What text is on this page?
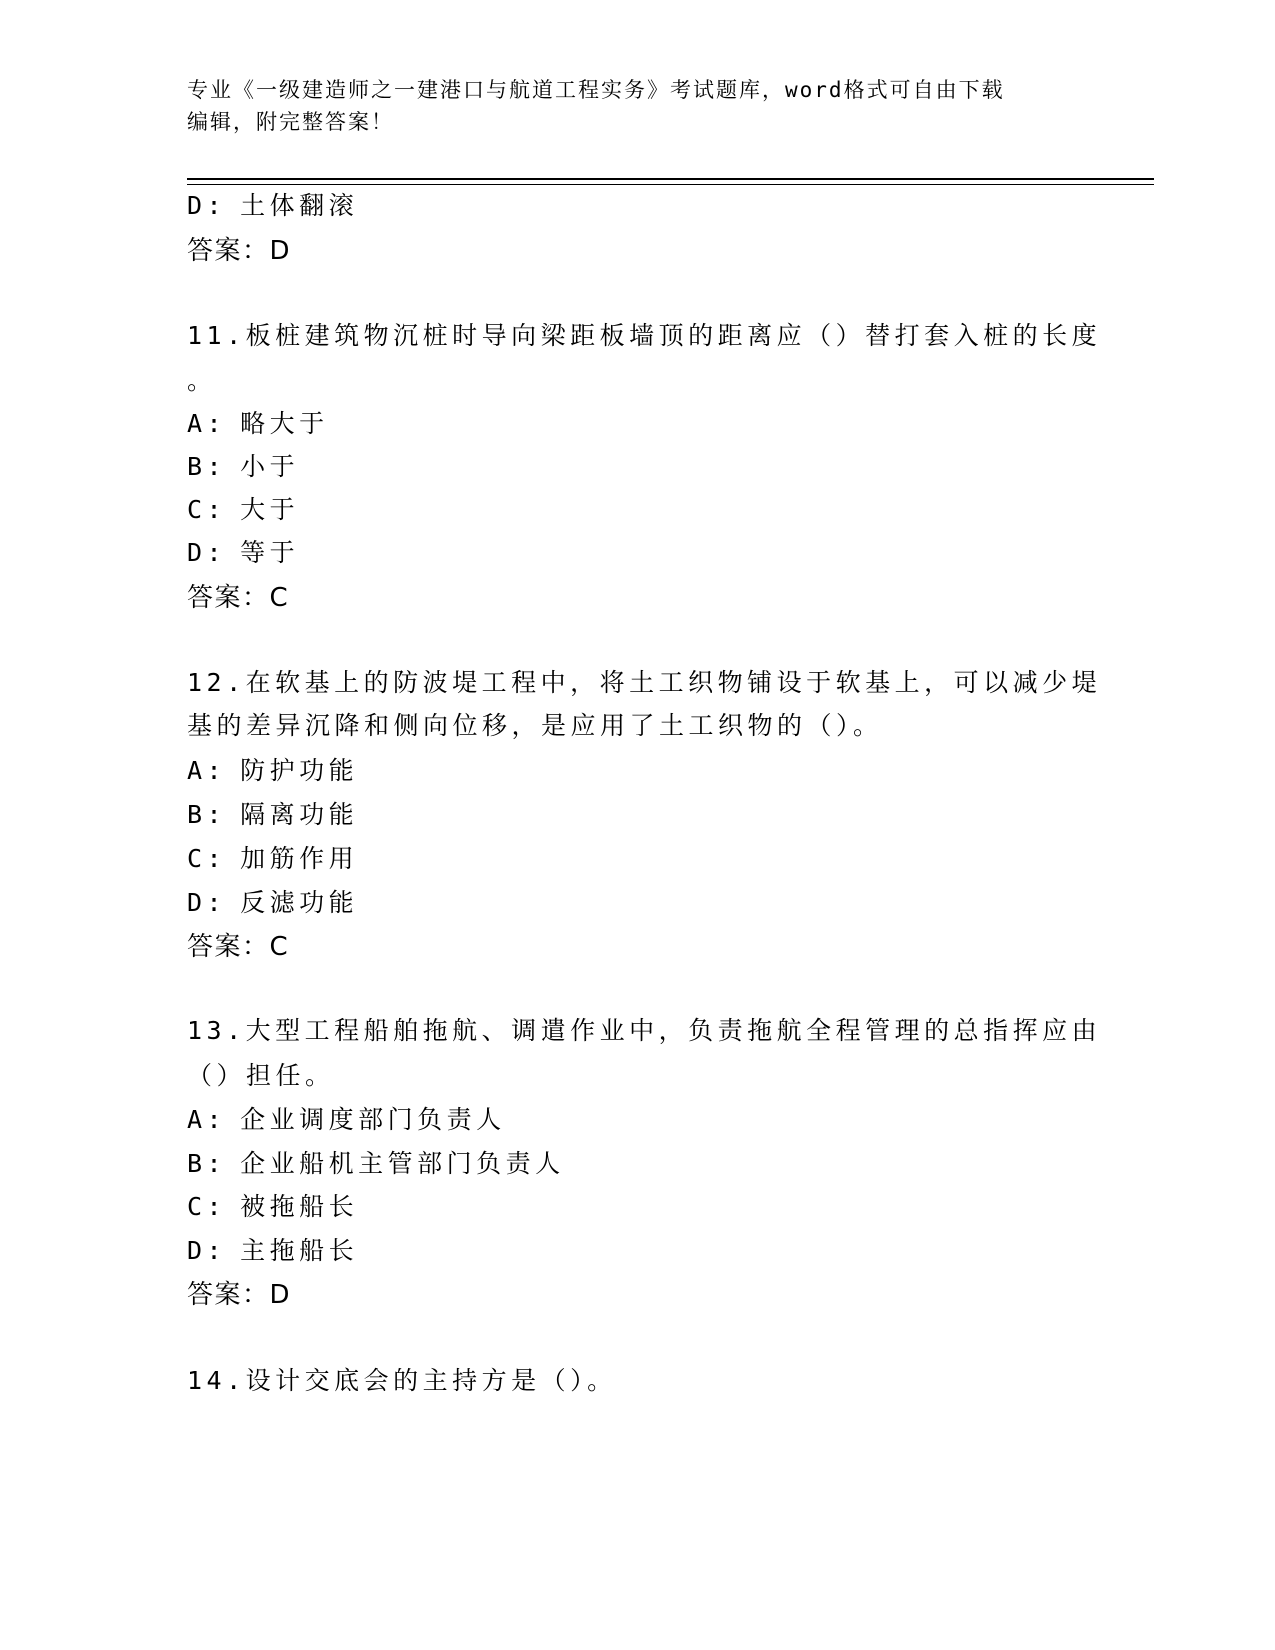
专业《一级建造师之一建港口与航道工程实务》考试题库，word格式可自由下载
编辑，附完整答案！
D: 土体翻滚
答案：D
11.板桩建筑物沉桩时导向梁距板墙顶的距离应（）替打套入桩的长度
。
A: 略大于
B: 小于
C: 大于
D: 等于
答案：C
12.在软基上的防波堤工程中，将土工织物铺设于软基上，可以减少堤
基的差异沉降和侧向位移，是应用了土工织物的（）。
A: 防护功能
B: 隔离功能
C: 加筋作用
D: 反滤功能
答案：C
13.大型工程船舶拖航、调遣作业中，负责拖航全程管理的总指挥应由
（）担任。
A: 企业调度部门负责人
B: 企业船机主管部门负责人
C: 被拖船长
D: 主拖船长
答案：D
14.设计交底会的主持方是（）。
